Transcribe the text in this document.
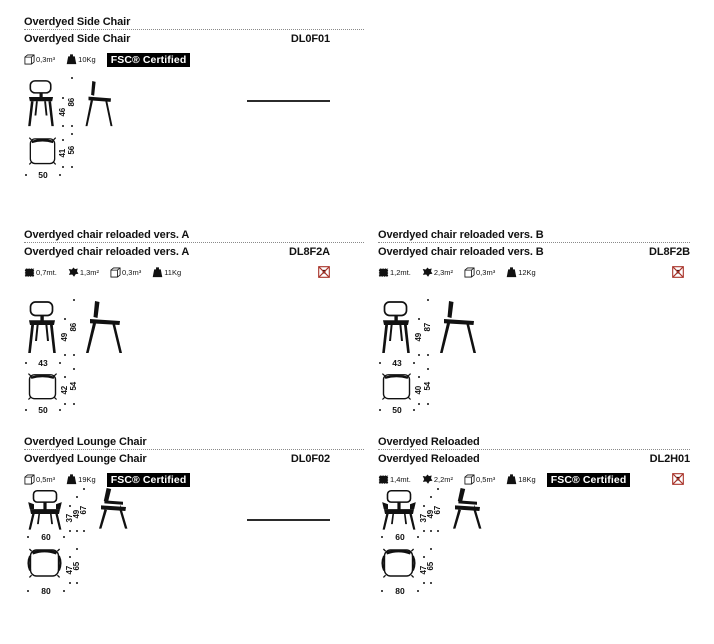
Overdyed Side Chair
Overdyed Side Chair	DL0F01
0,3m³	10Kg	FSC® Certified
46
86
41 56
50
Overdyed chair reloaded vers. A
Overdyed chair reloaded vers. A	DL8F2A
0,7mt.	1,3m²	0,3m³	11Kg
43
49
86
42 54
50
Overdyed chair reloaded vers. B
Overdyed chair reloaded vers. B	DL8F2B
1,2mt.	2,3m²	0,3m³	12Kg
43
49
87
40 54
50
Overdyed Lounge Chair
Overdyed Lounge Chair	DL0F02
0,5m³	19Kg	FSC® Certified
60
37
49
67
47
65
80
Overdyed Reloaded
Overdyed Reloaded	DL2H01
1,4mt.	2,2m²	0,5m³	18Kg	FSC® Certified
60
37
49
67
47
65
80
